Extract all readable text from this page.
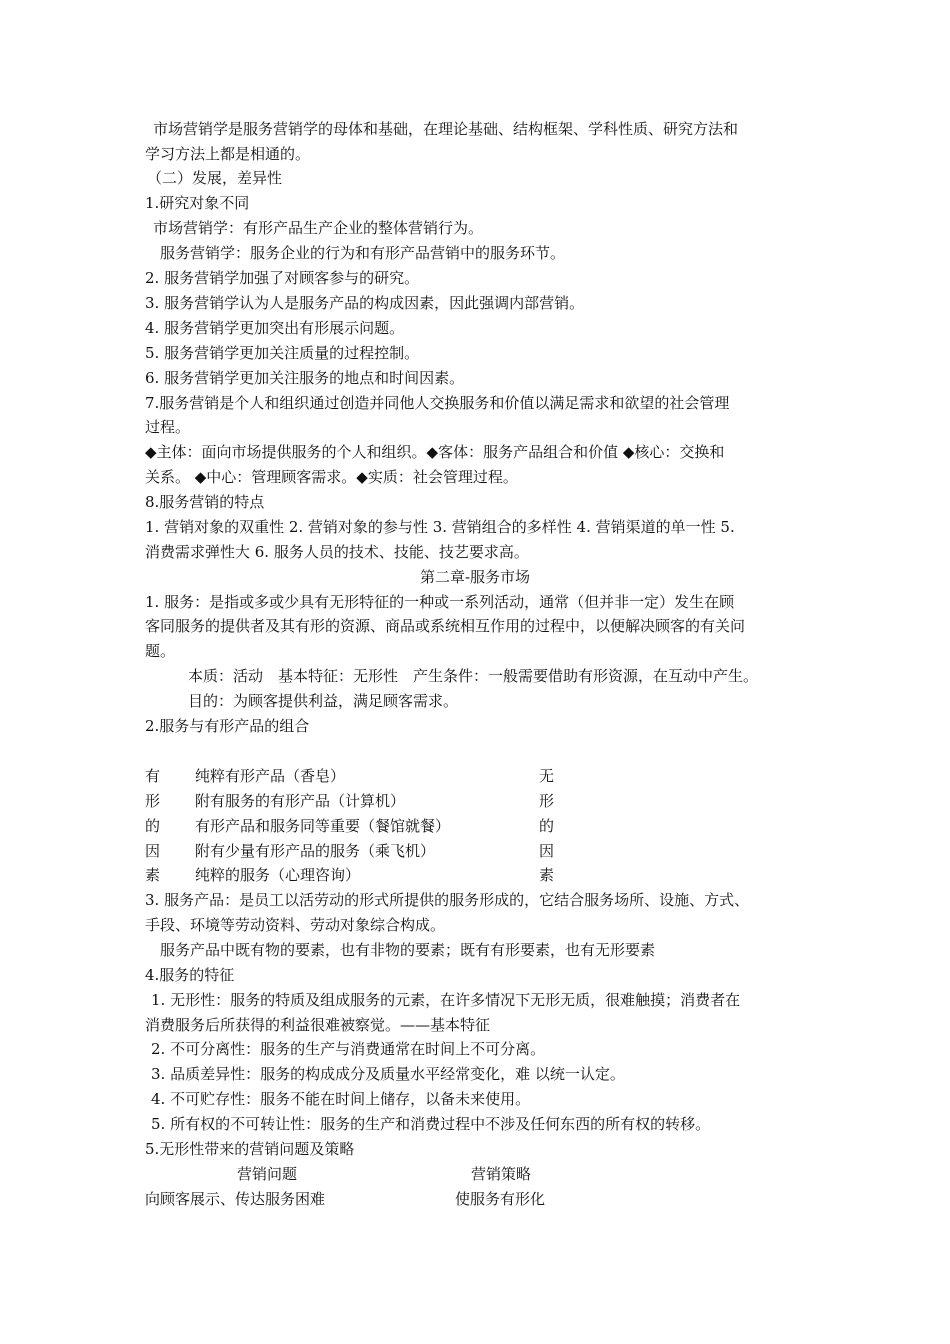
市场营销学是服务营销学的母体和基础，在理论基础、结构框架、学科性质、研究方法和
学习方法上都是相通的。
（二）发展，差异性
1.研究对象不同
市场营销学：有形产品生产企业的整体营销行为。
服务营销学：服务企业的行为和有形产品营销中的服务环节。
2. 服务营销学加强了对顾客参与的研究。
3. 服务营销学认为人是服务产品的构成因素，因此强调内部营销。
4. 服务营销学更加突出有形展示问题。
5. 服务营销学更加关注质量的过程控制。
6. 服务营销学更加关注服务的地点和时间因素。
7.服务营销是个人和组织通过创造并同他人交换服务和价值以满足需求和欲望的社会管理
过程。
◆主体：面向市场提供服务的个人和组织。◆客体：服务产品组合和价值 ◆核心：交换和
关系。 ◆中心：管理顾客需求。◆实质：社会管理过程。
8.服务营销的特点
1. 营销对象的双重性 2. 营销对象的参与性 3. 营销组合的多样性 4. 营销渠道的单一性 5.
消费需求弹性大 6. 服务人员的技术、技能、技艺要求高。
第二章-服务市场
1. 服务：是指或多或少具有无形特征的一种或一系列活动，通常（但并非一定）发生在顾
客同服务的提供者及其有形的资源、商品或系统相互作用的过程中，以便解决顾客的有关问
题。
本质：活动　基本特征：无形性　产生条件：一般需要借助有形资源，在互动中产生。
目的：为顾客提供利益，满足顾客需求。
2.服务与有形产品的组合
有
形
的
因
素
纯粹有形产品（香皂）
附有服务的有形产品（计算机）
有形产品和服务同等重要（餐馆就餐）
附有少量有形产品的服务（乘飞机）
纯粹的服务（心理咨询）
无
形
的
因
素
3. 服务产品：是员工以活劳动的形式所提供的服务形成的，它结合服务场所、设施、方式、
手段、环境等劳动资料、劳动对象综合构成。
服务产品中既有物的要素，也有非物的要素；既有有形要素，也有无形要素
4.服务的特征
1. 无形性：服务的特质及组成服务的元素，在许多情况下无形无质，很难触摸；消费者在
消费服务后所获得的利益很难被察觉。——基本特征
2. 不可分离性：服务的生产与消费通常在时间上不可分离。
3. 品质差异性：服务的构成成分及质量水平经常变化，难 以统一认定。
4. 不可贮存性：服务不能在时间上储存，以备未来使用。
5. 所有权的不可转让性：服务的生产和消费过程中不涉及任何东西的所有权的转移。
5.无形性带来的营销问题及策略
营销问题	营销策略
向顾客展示、传达服务困难	使服务有形化
